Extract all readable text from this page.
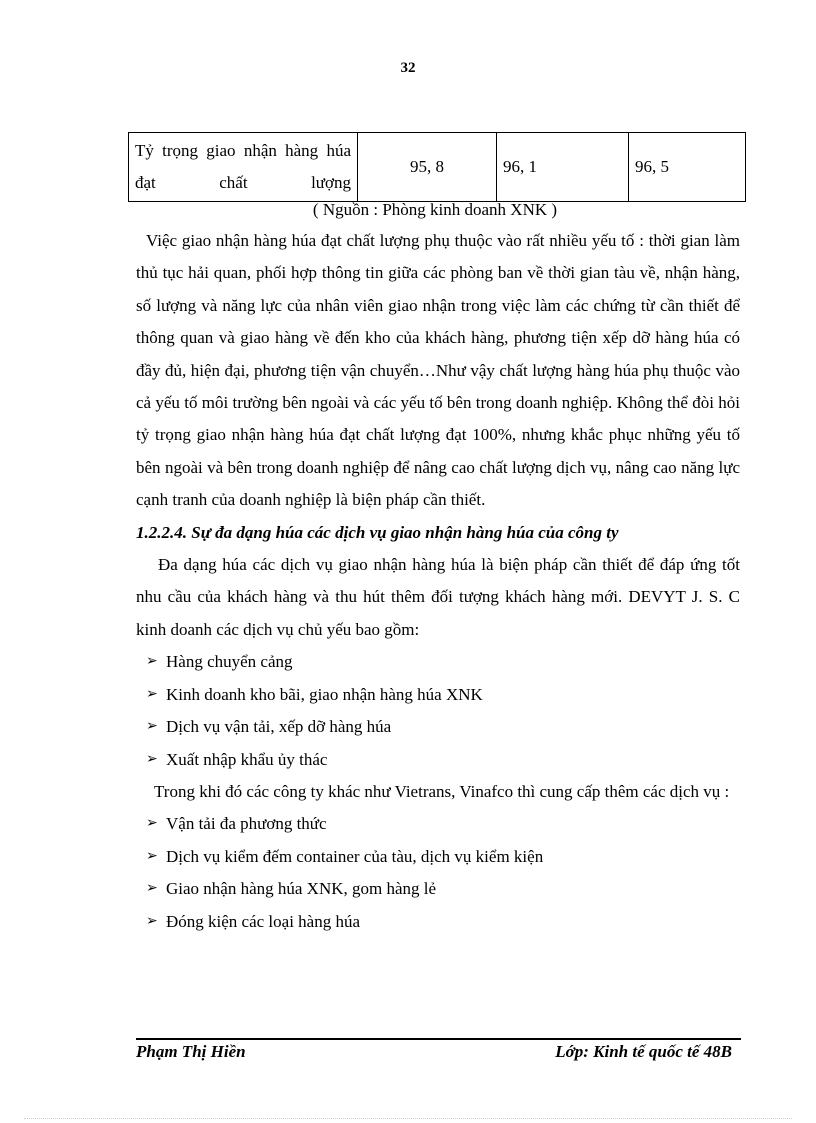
32
Tỷ trọng giao nhận hàng húa đạt chất lượng	95, 8	96, 1	96, 5
( Nguồn : Phòng kinh doanh XNK )

Việc giao nhận hàng húa đạt chất lượng phụ thuộc vào rất nhiều yếu tố : thời gian làm thủ tục hải quan, phối hợp thông tin giữa các phòng ban về thời gian tàu về, nhận hàng, số lượng và năng lực của nhân viên giao nhận trong việc làm các chứng từ cần thiết để thông quan và giao hàng về đến kho của khách hàng, phương tiện xếp dỡ hàng húa có đầy đủ, hiện đại, phương tiện vận chuyển…Như vậy chất lượng hàng húa phụ thuộc vào cả yếu tố môi trường bên ngoài và các yếu tố bên trong doanh nghiệp. Không thể đòi hỏi tỷ trọng giao nhận hàng húa đạt chất lượng đạt 100%, nhưng khắc phục những yếu tố bên ngoài và bên trong doanh nghiệp để nâng cao chất lượng dịch vụ, nâng cao năng lực cạnh tranh của doanh nghiệp là biện pháp cần thiết.

1.2.2.4. Sự đa dạng húa các dịch vụ giao nhận hàng húa của công ty

Đa dạng húa các dịch vụ giao nhận hàng húa là biện pháp cần thiết để đáp ứng tốt nhu cầu của khách hàng và thu hút thêm đối tượng khách hàng mới. DEVYT J. S. C kinh doanh các dịch vụ chủ yếu bao gồm:

➢ Hàng chuyển cảng
➢ Kinh doanh kho bãi, giao nhận hàng húa XNK
➢ Dịch vụ vận tải, xếp dỡ hàng húa
➢ Xuất nhập khẩu ủy thác

Trong khi đó các công ty khác như Vietrans, Vinafco thì cung cấp thêm các dịch vụ :

➢ Vận tải đa phương thức
➢ Dịch vụ kiểm đếm container của tàu, dịch vụ kiểm kiện
➢ Giao nhận hàng húa XNK, gom hàng lẻ
➢ Đóng kiện các loại hàng húa
Phạm Thị Hiền	Lớp: Kinh tế quốc tế 48B
